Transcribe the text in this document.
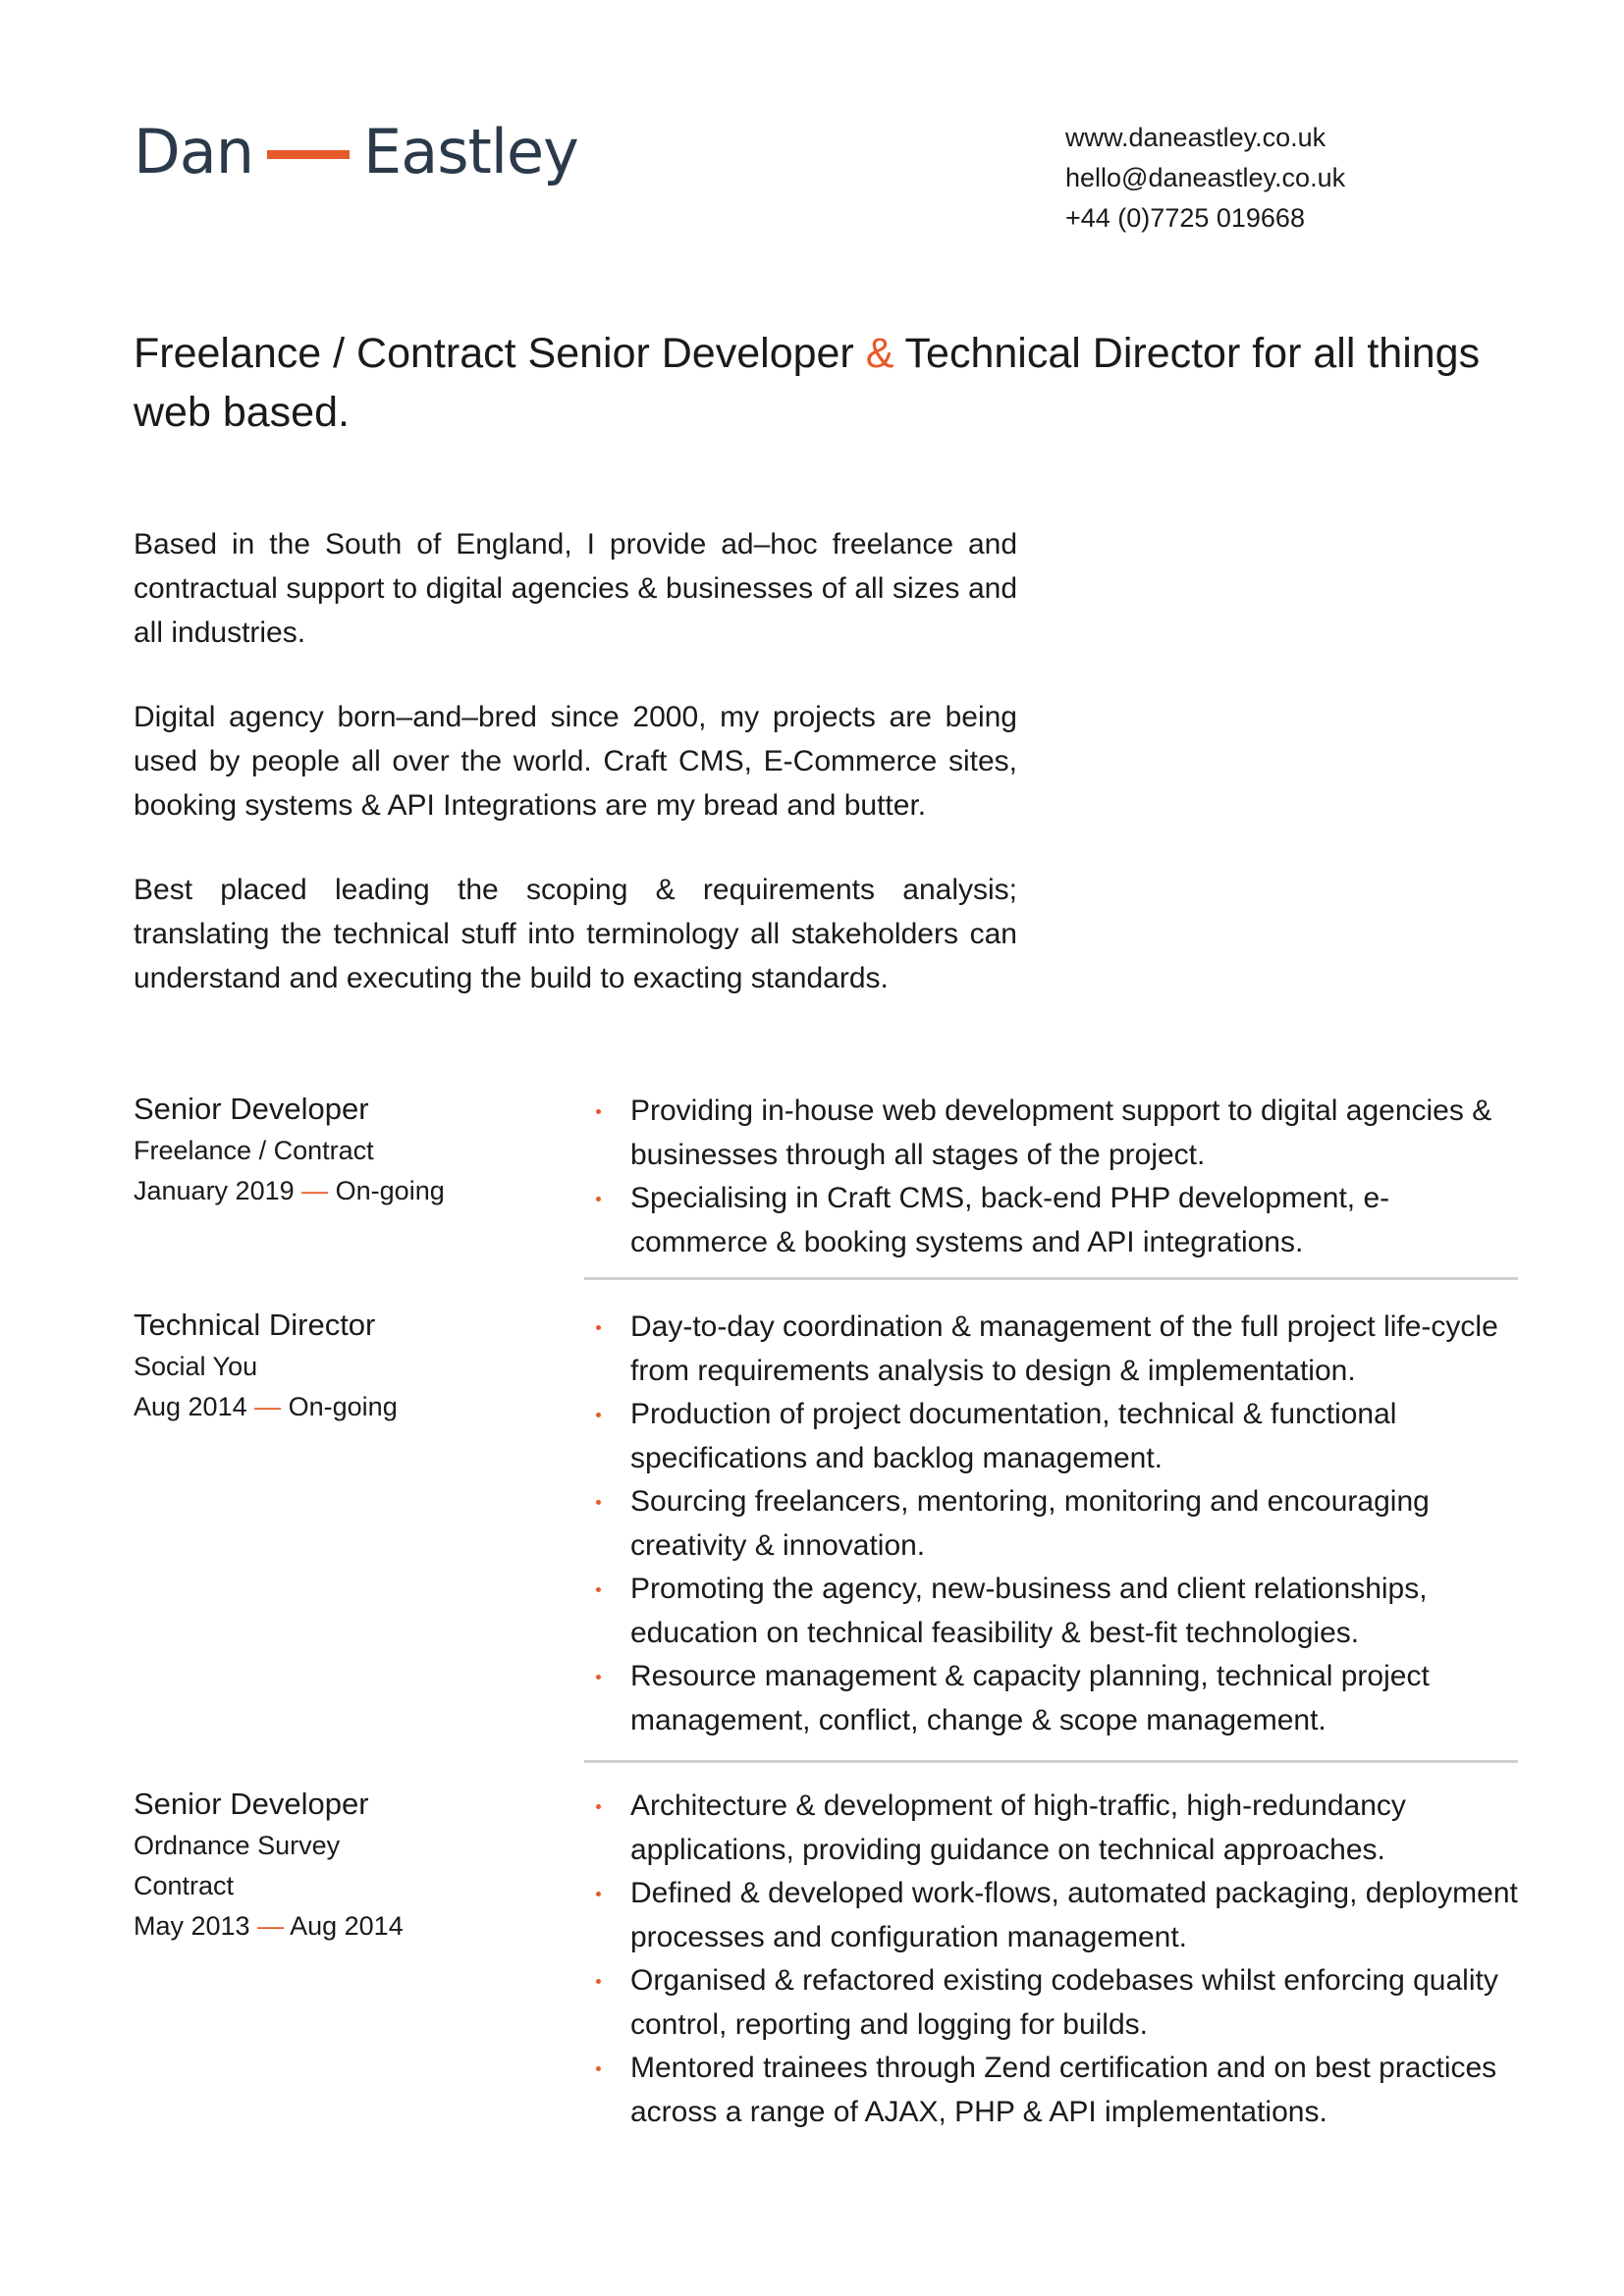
Dan Eastley	www.daneastley.co.uk
hello@daneastley.co.uk
+44 (0)7725 019668
Freelance / Contract Senior Developer & Technical Director for all things web based.

Based in the South of England, I provide ad–hoc freelance and contractual support to digital agencies & businesses of all sizes and all industries.

Digital agency born–and–bred since 2000, my projects are being used by people all over the world. Craft CMS, E-Commerce sites, booking systems & API Integrations are my bread and butter.

Best placed leading the scoping & requirements analysis; translating the technical stuff into terminology all stakeholders can understand and executing the build to exacting standards.

Senior Developer
Freelance / Contract
January 2019 — On-going
Providing in-house web development support to digital agencies & businesses through all stages of the project.
Specialising in Craft CMS, back-end PHP development, e-commerce & booking systems and API integrations.
Technical Director
Social You
Aug 2014 — On-going
Day-to-day coordination & management of the full project life-cycle from requirements analysis to design & implementation.
Production of project documentation, technical & functional specifications and backlog management.
Sourcing freelancers, mentoring, monitoring and encouraging creativity & innovation.
Promoting the agency, new-business and client relationships, education on technical feasibility & best-fit technologies.
Resource management & capacity planning, technical project management, conflict, change & scope management.
Senior Developer
Ordnance Survey
Contract
May 2013 — Aug 2014
Architecture & development of high-traffic, high-redundancy applications, providing guidance on technical approaches.
Defined & developed work-flows, automated packaging, deployment processes and configuration management.
Organised & refactored existing codebases whilst enforcing quality control, reporting and logging for builds.
Mentored trainees through Zend certification and on best practices across a range of AJAX, PHP & API implementations.
